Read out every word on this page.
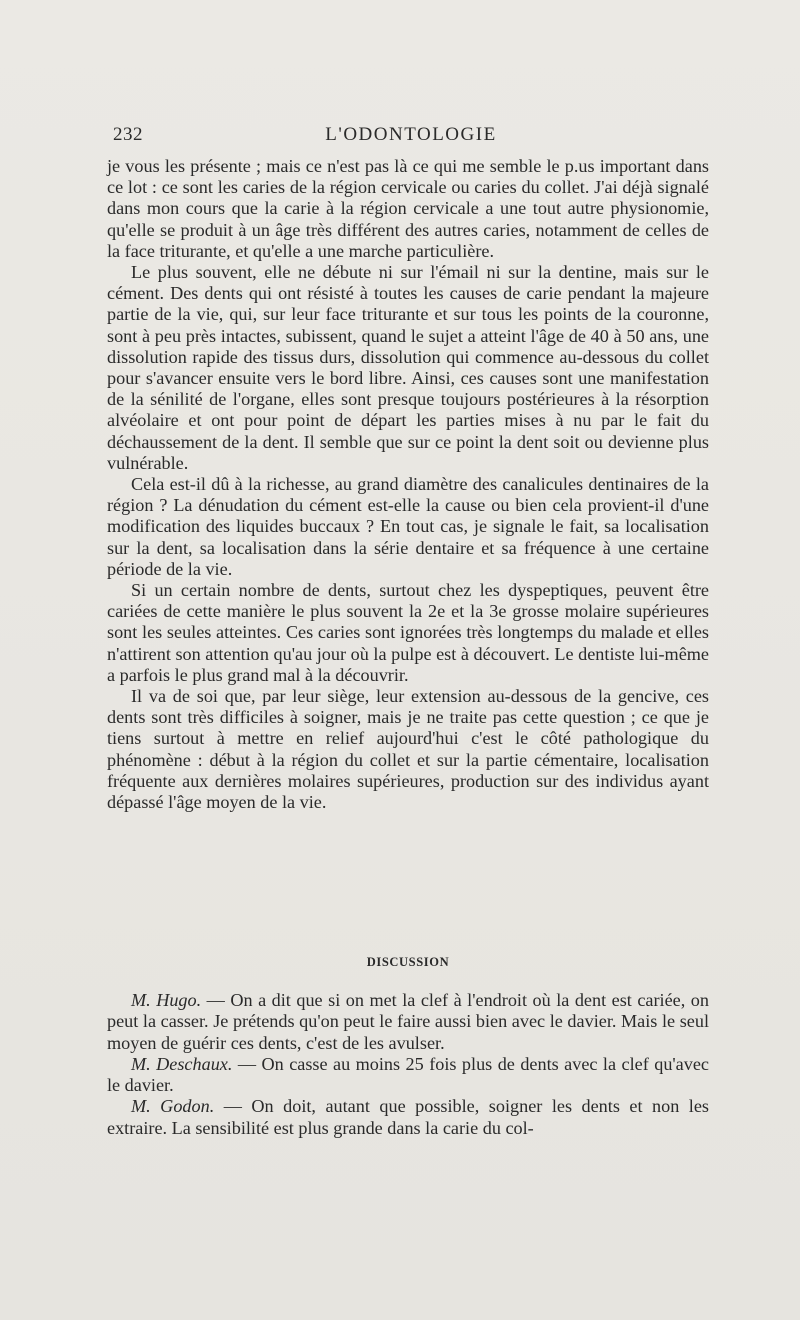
232	L'ODONTOLOGIE

je vous les présente ; mais ce n'est pas là ce qui me semble le p.us important dans ce lot : ce sont les caries de la région cervicale ou caries du collet. J'ai déjà signalé dans mon cours que la carie à la région cervicale a une tout autre physionomie, qu'elle se produit à un âge très différent des autres caries, notamment de celles de la face triturante, et qu'elle a une marche particulière.

Le plus souvent, elle ne débute ni sur l'émail ni sur la dentine, mais sur le cément. Des dents qui ont résisté à toutes les causes de carie pendant la majeure partie de la vie, qui, sur leur face triturante et sur tous les points de la couronne, sont à peu près intactes, subissent, quand le sujet a atteint l'âge de 40 à 50 ans, une dissolution rapide des tissus durs, dissolution qui commence au-dessous du collet pour s'avancer ensuite vers le bord libre. Ainsi, ces causes sont une manifestation de la sénilité de l'organe, elles sont presque toujours postérieures à la résorption alvéolaire et ont pour point de départ les parties mises à nu par le fait du déchaussement de la dent. Il semble que sur ce point la dent soit ou devienne plus vulnérable.

Cela est-il dû à la richesse, au grand diamètre des canalicules dentinaires de la région ? La dénudation du cément est-elle la cause ou bien cela provient-il d'une modification des liquides buccaux ? En tout cas, je signale le fait, sa localisation sur la dent, sa localisation dans la série dentaire et sa fréquence à une certaine période de la vie.

Si un certain nombre de dents, surtout chez les dyspeptiques, peuvent être cariées de cette manière le plus souvent la 2e et la 3e grosse molaire supérieures sont les seules atteintes. Ces caries sont ignorées très longtemps du malade et elles n'attirent son attention qu'au jour où la pulpe est à découvert. Le dentiste lui-même a parfois le plus grand mal à la découvrir.

Il va de soi que, par leur siège, leur extension au-dessous de la gencive, ces dents sont très difficiles à soigner, mais je ne traite pas cette question ; ce que je tiens surtout à mettre en relief aujourd'hui c'est le côté pathologique du phénomène : début à la région du collet et sur la partie cémentaire, localisation fréquente aux dernières molaires supérieures, production sur des individus ayant dépassé l'âge moyen de la vie.

DISCUSSION

M. Hugo. — On a dit que si on met la clef à l'endroit où la dent est cariée, on peut la casser. Je prétends qu'on peut le faire aussi bien avec le davier. Mais le seul moyen de guérir ces dents, c'est de les avulser.

M. Deschaux. — On casse au moins 25 fois plus de dents avec la clef qu'avec le davier.

M. Godon. — On doit, autant que possible, soigner les dents et non les extraire. La sensibilité est plus grande dans la carie du col-
